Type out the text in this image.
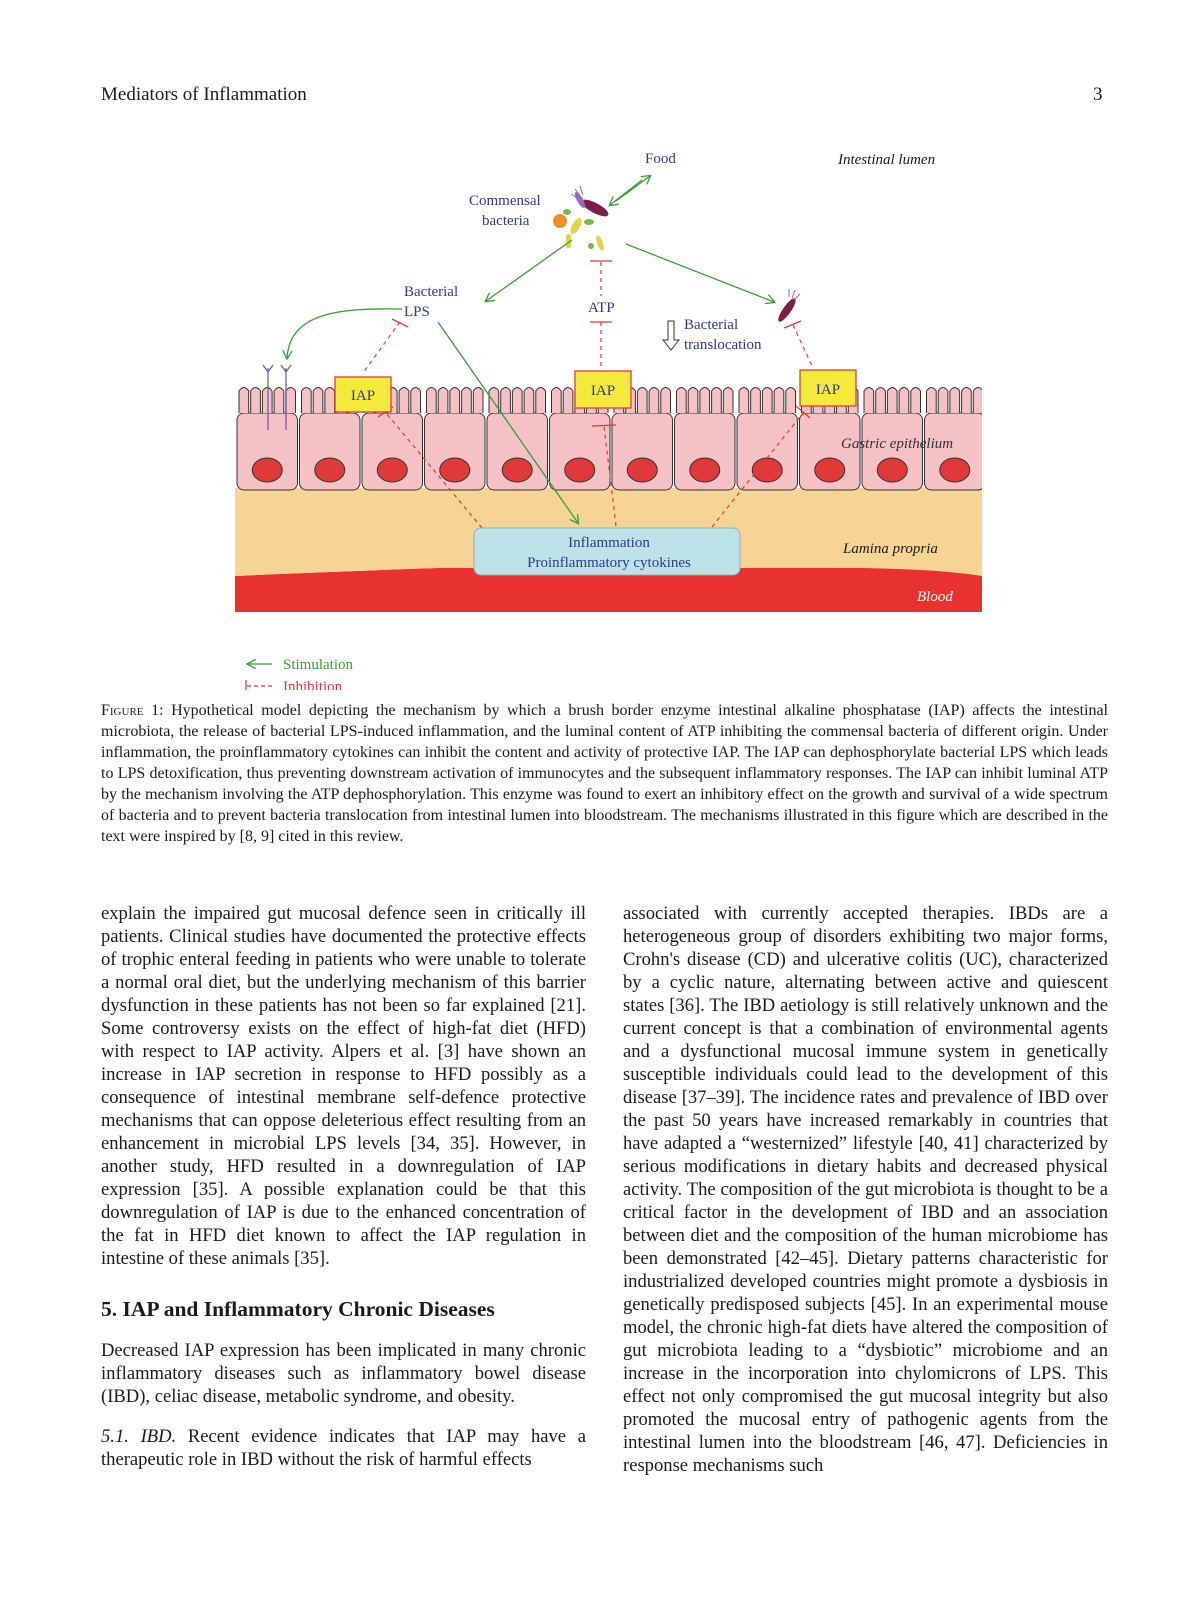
Mediators of Inflammation	3
Food	Intestinal lumen
Commensal
bacteria
Bacterial
LPS	ATP
Bacterial
translocation
IAP	IAP	IAP
Gastric epithelium
Inflammation
Proinflammatory cytokines
Lamina propria
Blood
Stimulation
Inhibition
Figure 1: Hypothetical model depicting the mechanism by which a brush border enzyme intestinal alkaline phosphatase (IAP) affects the intestinal microbiota, the release of bacterial LPS-induced inflammation, and the luminal content of ATP inhibiting the commensal bacteria of different origin. Under inflammation, the proinflammatory cytokines can inhibit the content and activity of protective IAP. The IAP can dephosphorylate bacterial LPS which leads to LPS detoxification, thus preventing downstream activation of immunocytes and the subsequent inflammatory responses. The IAP can inhibit luminal ATP by the mechanism involving the ATP dephosphorylation. This enzyme was found to exert an inhibitory effect on the growth and survival of a wide spectrum of bacteria and to prevent bacteria translocation from intestinal lumen into bloodstream. The mechanisms illustrated in this figure which are described in the text were inspired by [8, 9] cited in this review.

explain the impaired gut mucosal defence seen in critically ill patients. Clinical studies have documented the protective effects of trophic enteral feeding in patients who were unable to tolerate a normal oral diet, but the underlying mechanism of this barrier dysfunction in these patients has not been so far explained [21]. Some controversy exists on the effect of high-fat diet (HFD) with respect to IAP activity. Alpers et al. [3] have shown an increase in IAP secretion in response to HFD possibly as a consequence of intestinal membrane self-defence protective mechanisms that can oppose deleterious effect resulting from an enhancement in microbial LPS levels [34, 35]. However, in another study, HFD resulted in a downregulation of IAP expression [35]. A possible explanation could be that this downregulation of IAP is due to the enhanced concentration of the fat in HFD diet known to affect the IAP regulation in intestine of these animals [35].

5. IAP and Inflammatory Chronic Diseases

Decreased IAP expression has been implicated in many chronic inflammatory diseases such as inflammatory bowel disease (IBD), celiac disease, metabolic syndrome, and obesity.

5.1. IBD. Recent evidence indicates that IAP may have a therapeutic role in IBD without the risk of harmful effects

associated with currently accepted therapies. IBDs are a heterogeneous group of disorders exhibiting two major forms, Crohn's disease (CD) and ulcerative colitis (UC), characterized by a cyclic nature, alternating between active and quiescent states [36]. The IBD aetiology is still relatively unknown and the current concept is that a combination of environmental agents and a dysfunctional mucosal immune system in genetically susceptible individuals could lead to the development of this disease [37–39]. The incidence rates and prevalence of IBD over the past 50 years have increased remarkably in countries that have adapted a “westernized” lifestyle [40, 41] characterized by serious modifications in dietary habits and decreased physical activity. The composition of the gut microbiota is thought to be a critical factor in the development of IBD and an association between diet and the composition of the human microbiome has been demonstrated [42–45]. Dietary patterns characteristic for industrialized developed countries might promote a dysbiosis in genetically predisposed subjects [45]. In an experimental mouse model, the chronic high-fat diets have altered the composition of gut microbiota leading to a “dysbiotic” microbiome and an increase in the incorporation into chylomicrons of LPS. This effect not only compromised the gut mucosal integrity but also promoted the mucosal entry of pathogenic agents from the intestinal lumen into the bloodstream [46, 47]. Deficiencies in response mechanisms such
